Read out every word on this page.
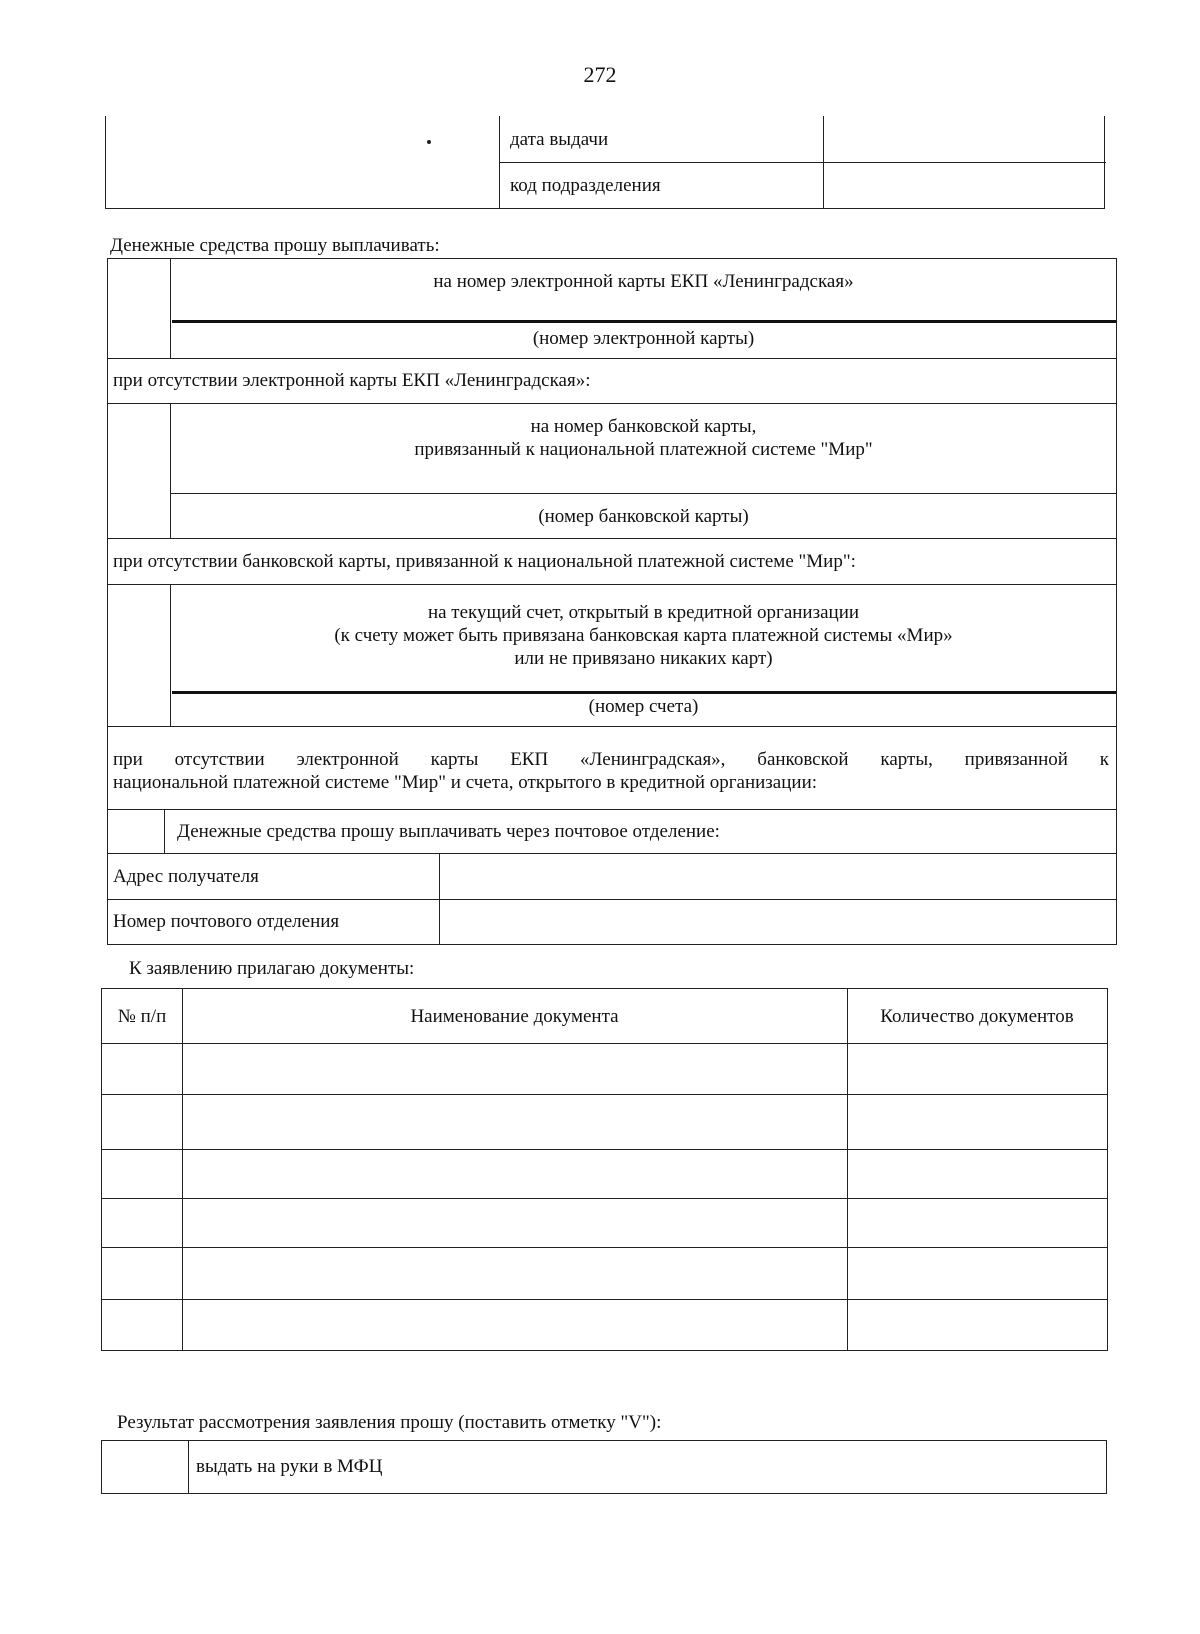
272
дата выдачи
код подразделения
Денежные средства прошу выплачивать:
на номер электронной карты ЕКП «Ленинградская»
(номер электронной карты)
при отсутствии электронной карты ЕКП «Ленинградская»:
на номер банковской карты,
привязанный к национальной платежной системе "Мир"
(номер банковской карты)
при отсутствии банковской карты, привязанной к национальной платежной системе "Мир":
на текущий счет, открытый в кредитной организации
(к счету может быть привязана банковская карта платежной системы «Мир»
или не привязано никаких карт)
(номер счета)
при отсутствии электронной карты ЕКП «Ленинградская», банковской карты, привязанной к
национальной платежной системе "Мир" и счета, открытого в кредитной организации:
Денежные средства прошу выплачивать через почтовое отделение:
Адрес получателя
Номер почтового отделения
К заявлению прилагаю документы:
№ п/п	Наименование документа	Количество документов
Результат рассмотрения заявления прошу (поставить отметку "V"):
выдать на руки в МФЦ
